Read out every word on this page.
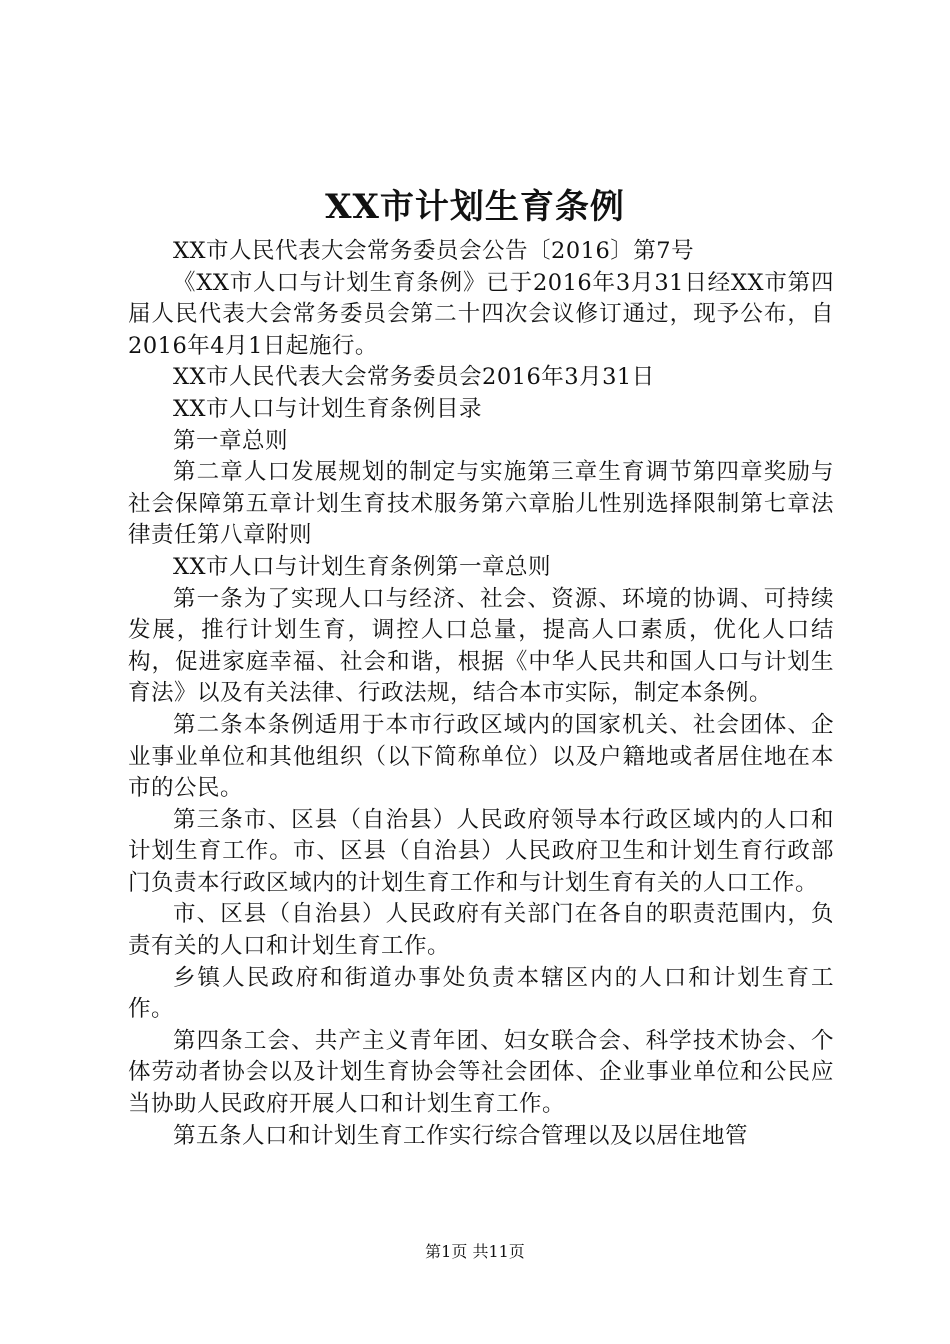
XX市计划生育条例

XX市人民代表大会常务委员会公告〔2016〕第7号

《XX市人口与计划生育条例》已于2016年3月31日经XX市第四届人民代表大会常务委员会第二十四次会议修订通过，现予公布，自2016年4月1日起施行。

XX市人民代表大会常务委员会2016年3月31日

XX市人口与计划生育条例目录

第一章总则

第二章人口发展规划的制定与实施第三章生育调节第四章奖励与社会保障第五章计划生育技术服务第六章胎儿性别选择限制第七章法律责任第八章附则

XX市人口与计划生育条例第一章总则

第一条为了实现人口与经济、社会、资源、环境的协调、可持续发展，推行计划生育，调控人口总量，提高人口素质，优化人口结构，促进家庭幸福、社会和谐，根据《中华人民共和国人口与计划生育法》以及有关法律、行政法规，结合本市实际，制定本条例。

第二条本条例适用于本市行政区域内的国家机关、社会团体、企业事业单位和其他组织（以下简称单位）以及户籍地或者居住地在本市的公民。

第三条市、区县（自治县）人民政府领导本行政区域内的人口和计划生育工作。市、区县（自治县）人民政府卫生和计划生育行政部门负责本行政区域内的计划生育工作和与计划生育有关的人口工作。

市、区县（自治县）人民政府有关部门在各自的职责范围内，负责有关的人口和计划生育工作。

乡镇人民政府和街道办事处负责本辖区内的人口和计划生育工作。

第四条工会、共产主义青年团、妇女联合会、科学技术协会、个体劳动者协会以及计划生育协会等社会团体、企业事业单位和公民应当协助人民政府开展人口和计划生育工作。

第五条人口和计划生育工作实行综合管理以及以居住地管

第1页 共11页
